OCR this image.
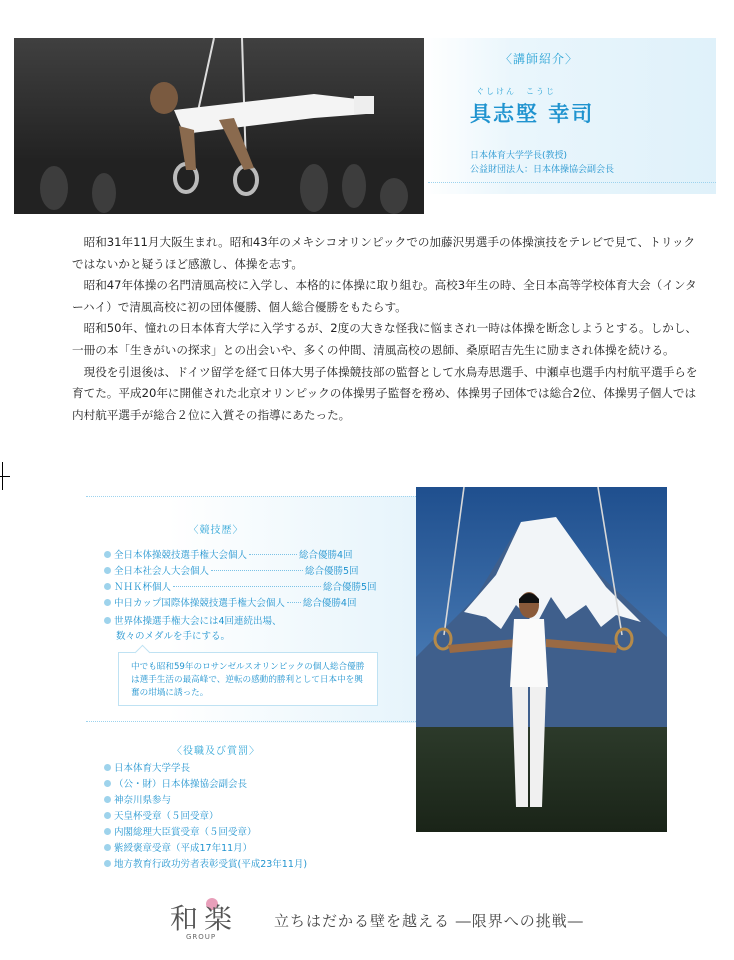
〈講師紹介〉
ぐしけん　こうじ
具志堅 幸司
日本体育大学学長(教授)
公益財団法人：日本体操協会副会長

昭和31年11月大阪生まれ。昭和43年のメキシコオリンピックでの加藤沢男選手の体操演技をテレビで見て、トリックではないかと疑うほど感激し、体操を志す。

昭和47年体操の名門清風高校に入学し、本格的に体操に取り組む。高校3年生の時、全日本高等学校体育大会（インターハイ）で清風高校に初の団体優勝、個人総合優勝をもたらす。

昭和50年、憧れの日本体育大学に入学するが、2度の大きな怪我に悩まされ一時は体操を断念しようとする。しかし、一冊の本「生きがいの探求」との出会いや、多くの仲間、清風高校の恩師、桑原昭吉先生に励まされ体操を続ける。

現役を引退後は、ドイツ留学を経て日体大男子体操競技部の監督として水鳥寿思選手、中瀬卓也選手内村航平選手らを育てた。平成20年に開催された北京オリンピックの体操男子監督を務め、体操男子団体では総合2位、体操男子個人では内村航平選手が総合２位に入賞その指導にあたった。

〈競技歴〉
全日本体操競技選手権大会個人	総合優勝4回
全日本社会人大会個人	総合優勝5回
ＮＨＫ杯個人	総合優勝5回
中日カップ国際体操競技選手権大会個人 総合優勝4回
世界体操選手権大会には4回連続出場、
数々のメダルを手にする。
中でも昭和59年のロサンゼルスオリンピックの個人総合優勝は選手生活の最高峰で、逆転の感動的勝利として日本中を興奮の坩堝に誘った。
〈役職及び賞罰〉
日本体育大学学長
（公・財）日本体操協会副会長
神奈川県参与
天皇杯受章（５回受章）
内閣総理大臣賞受章（５回受章）
紫綬褒章受章（平成17年11月）
地方教育行政功労者表彰受賞(平成23年11月)
和 楽
GROUP
立ちはだかる壁を越える ―限界への挑戦―
